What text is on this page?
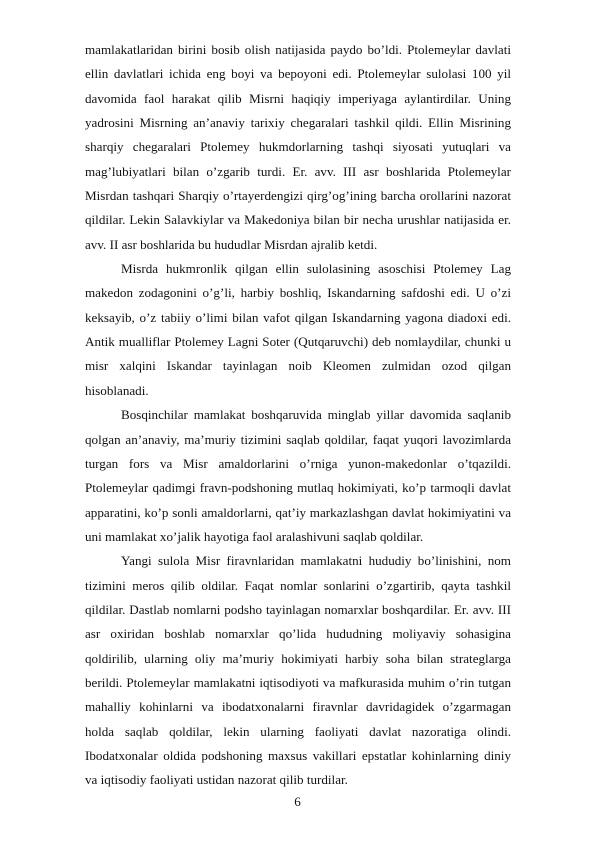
mamlakatlaridan birini bosib olish natijasida paydo bo’ldi. Ptolemeylar davlati ellin davlatlari ichida eng boyi va bepoyoni edi. Ptolemeylar sulolasi 100 yil davomida faol harakat qilib Misrni haqiqiy imperiyaga aylantirdilar. Uning yadrosini Misrning an’anaviy tarixiy chegaralari tashkil qildi. Ellin Misrining sharqiy chegaralari Ptolemey hukmdorlarning tashqi siyosati yutuqlari va mag’lubiyatlari bilan o’zgarib turdi. Er. avv. III asr boshlarida Ptolemeylar Misrdan tashqari Sharqiy o’rtayerdengizi qirg’og’ining barcha orollarini nazorat qildilar. Lekin Salavkiylar va Makedoniya bilan bir necha urushlar natijasida er. avv. II asr boshlarida bu hududlar Misrdan ajralib ketdi.

Misrda hukmronlik qilgan ellin sulolasining asoschisi Ptolemey Lag makedon zodagonini o’g’li, harbiy boshliq, Iskandarning safdoshi edi. U o’zi keksayib, o’z tabiiy o’limi bilan vafot qilgan Iskandarning yagona diadoxi edi. Antik mualliflar Ptolemey Lagni Soter (Qutqaruvchi) deb nomlaydilar, chunki u misr xalqini Iskandar tayinlagan noib Kleomen zulmidan ozod qilgan hisoblanadi.

Bosqinchilar mamlakat boshqaruvida minglab yillar davomida saqlanib qolgan an’anaviy, ma’muriy tizimini saqlab qoldilar, faqat yuqori lavozimlarda turgan fors va Misr amaldorlarini o’rniga yunon-makedonlar o’tqazildi. Ptolemeylar qadimgi fravn-podshoning mutlaq hokimiyati, ko’p tarmoqli davlat apparatini, ko’p sonli amaldorlarni, qat’iy markazlashgan davlat hokimiyatini va uni mamlakat xo’jalik hayotiga faol aralashivuni saqlab qoldilar.

Yangi sulola Misr firavnlaridan mamlakatni hududiy bo’linishini, nom tizimini meros qilib oldilar. Faqat nomlar sonlarini o’zgartirib, qayta tashkil qildilar. Dastlab nomlarni podsho tayinlagan nomarxlar boshqardilar. Er. avv. III asr oxiridan boshlab nomarxlar qo’lida hududning moliyaviy sohasigina qoldirilib, ularning oliy ma’muriy hokimiyati harbiy soha bilan strateglarga berildi. Ptolemeylar mamlakatni iqtisodiyoti va mafkurasida muhim o’rin tutgan mahalliy kohinlarni va ibodatxonalarni firavnlar davridagidek o’zgarmagan holda saqlab qoldilar, lekin ularning faoliyati davlat nazoratiga olindi. Ibodatxonalar oldida podshoning maxsus vakillari epstatlar kohinlarning diniy va iqtisodiy faoliyati ustidan nazorat qilib turdilar.

6
